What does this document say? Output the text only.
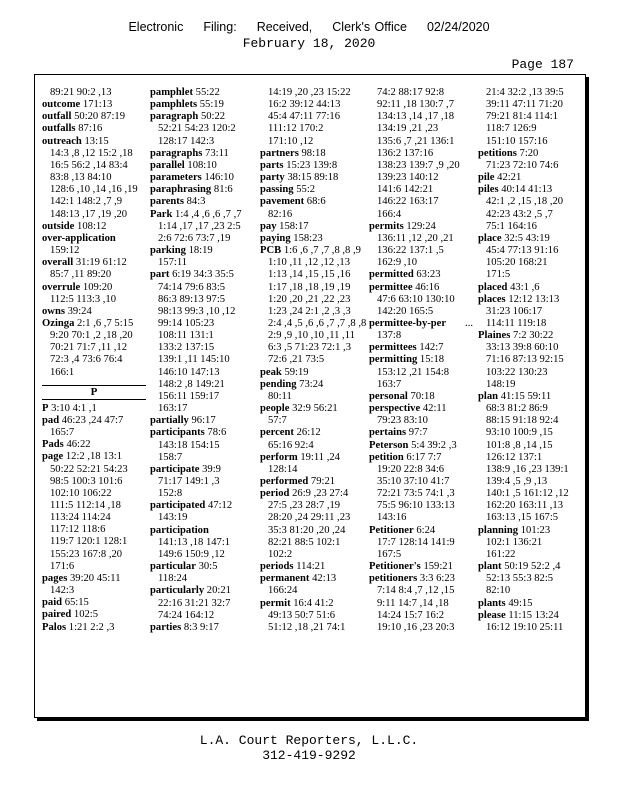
Electronic Filing: Received, Clerk's Office 02/24/2020
February 18, 2020
Page 187
89:21 90:2 ,13
outcome 171:13
outfall 50:20 87:19
outfalls 87:16
outreach 13:15
14:3 ,8 ,12 15:2 ,18
16:5 56:2 ,14 83:4
83:8 ,13 84:10
128:6 ,10 ,14 ,16 ,19
142:1 148:2 ,7 ,9
148:13 ,17 ,19 ,20
outside 108:12
over-application
159:12
overall 31:19 61:12
85:7 ,11 89:20
overrule 109:20
112:5 113:3 ,10
owns 39:24
Ozinga 2:1 ,6 ,7 5:15
9:20 70:1 ,2 ,18 ,20
70:21 71:7 ,11 ,12
72:3 ,4 73:6 76:4
166:1
P
P 3:10 4:1 ,1
pad 46:23 ,24 47:7
165:7
Pads 46:22
page 12:2 ,18 13:1
50:22 52:21 54:23
98:5 100:3 101:6
102:10 106:22
111:5 112:14 ,18
113:24 114:24
117:12 118:6
119:7 120:1 128:1
155:23 167:8 ,20
171:6
pages 39:20 45:11
142:3
paid 65:15
paired 102:5
Palos 1:21 2:2 ,3
pamphlet 55:22
pamphlets 55:19
paragraph 50:22
52:21 54:23 120:2
128:17 142:3
paragraphs 73:11
parallel 108:10
parameters 146:10
paraphrasing 81:6
parents 84:3
Park 1:4 ,4 ,6 ,6 ,7 ,7
1:14 ,17 ,17 ,23 2:5
2:6 72:6 73:7 ,19
parking 18:19
157:11
part 6:19 34:3 35:5
74:14 79:6 83:5
86:3 89:13 97:5
98:13 99:3 ,10 ,12
99:14 105:23
108:11 131:1
133:2 137:15
139:1 ,11 145:10
146:10 147:13
148:2 ,8 149:21
156:11 159:17
163:17
partially 96:17
participants 78:6
143:18 154:15
158:7
participate 39:9
71:17 149:1 ,3
152:8
participated 47:12
143:19
participation
141:13 ,18 147:1
149:6 150:9 ,12
particular 30:5
118:24
particularly 20:21
22:16 31:21 32:7
74:24 164:12
parties 8:3 9:17
14:19 ,20 ,23 15:22
16:2 39:12 44:13
45:4 47:11 77:16
111:12 170:2
171:10 ,12
partners 98:18
parts 15:23 139:8
party 38:15 89:18
passing 55:2
pavement 68:6
82:16
pay 158:17
paying 158:23
PCB 1:6 ,6 ,7 ,7 ,8 ,8 ,9
1:10 ,11 ,12 ,12 ,13
1:13 ,14 ,15 ,15 ,16
1:17 ,18 ,18 ,19 ,19
1:20 ,20 ,21 ,22 ,23
1:23 ,24 2:1 ,2 ,3 ,3
2:4 ,4 ,5 ,6 ,6 ,7 ,7 ,8 ,8
2:9 ,9 ,10 ,10 ,11 ,11
6:3 ,5 71:23 72:1 ,3
72:6 ,21 73:5
peak 59:19
pending 73:24
80:11
people 32:9 56:21
57:7
percent 26:12
65:16 92:4
perform 19:11 ,24
128:14
performed 79:21
period 26:9 ,23 27:4
27:5 ,23 28:7 ,19
28:20 ,24 29:11 ,23
35:3 81:20 ,20 ,24
82:21 88:5 102:1
102:2
periods 114:21
permanent 42:13
166:24
permit 16:4 41:2
49:13 50:7 51:6
51:12 ,18 ,21 74:1
74:2 88:17 92:8
92:11 ,18 130:7 ,7
134:13 ,14 ,17 ,18
134:19 ,21 ,23
135:6 ,7 ,21 136:1
136:2 137:16
138:23 139:7 ,9 ,20
139:23 140:12
141:6 142:21
146:22 163:17
166:4
permits 129:24
136:11 ,12 ,20 ,21
136:22 137:1 ,5
162:9 ,10
permitted 63:23
permittee 46:16
47:6 63:10 130:10
142:20 165:5
permittee-by-per ...
137:8
permittees 142:7
permitting 15:18
153:12 ,21 154:8
163:7
personal 70:18
perspective 42:11
79:23 83:10
pertains 97:7
Peterson 5:4 39:2 ,3
petition 6:17 7:7
19:20 22:8 34:6
35:10 37:10 41:7
72:21 73:5 74:1 ,3
75:5 96:10 133:13
143:16
Petitioner 6:24
17:7 128:14 141:9
167:5
Petitioner's 159:21
petitioners 3:3 6:23
7:14 8:4 ,7 ,12 ,15
9:11 14:7 ,14 ,18
14:24 15:7 16:2
19:10 ,16 ,23 20:3
21:4 32:2 ,13 39:5
39:11 47:11 71:20
79:21 81:4 114:1
118:7 126:9
151:10 157:16
petitions 7:20
71:23 72:10 74:6
pile 42:21
piles 40:14 41:13
42:1 ,2 ,15 ,18 ,20
42:23 43:2 ,5 ,7
75:1 164:16
place 32:5 43:19
45:4 77:13 91:16
105:20 168:21
171:5
placed 43:1 ,6
places 12:12 13:13
31:23 106:17
114:11 119:18
Plaines 7:2 30:22
33:13 39:8 60:10
71:16 87:13 92:15
103:22 130:23
148:19
plan 41:15 59:11
68:3 81:2 86:9
88:15 91:18 92:4
93:10 100:9 ,15
101:8 ,8 ,14 ,15
126:12 137:1
138:9 ,16 ,23 139:1
139:4 ,5 ,9 ,13
140:1 ,5 161:12 ,12
162:20 163:11 ,13
163:13 ,15 167:5
planning 101:23
102:1 136:21
161:22
plant 50:19 52:2 ,4
52:13 55:3 82:5
82:10
plants 49:15
please 11:15 13:24
16:12 19:10 25:11
L.A. Court Reporters, L.L.C.
312-419-9292
